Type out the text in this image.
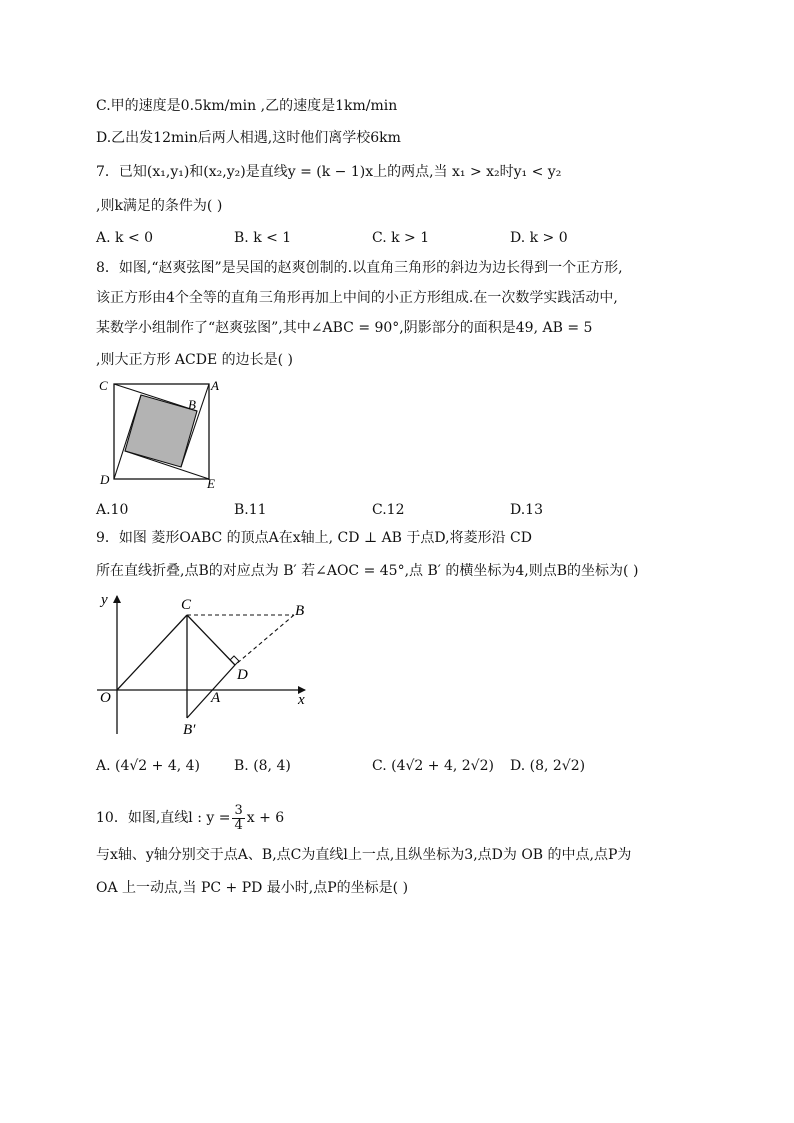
C.甲的速度是0.5km/min ,乙的速度是1km/min
D.乙出发12min后两人相遇,这时他们离学校6km
7．已知(x₁,y₁)和(x₂,y₂)是直线y = (k − 1)x上的两点,当 x₁ > x₂时y₁ < y₂
,则k满足的条件为( )
A. k < 0	B. k < 1	C. k > 1	D. k > 0
8．如图,“赵爽弦图”是吴国的赵爽创制的.以直角三角形的斜边为边长得到一个正方形,
该正方形由4个全等的直角三角形再加上中间的小正方形组成.在一次数学实践活动中,
某数学小组制作了“赵爽弦图”,其中∠ABC = 90°,阴影部分的面积是49, AB = 5
,则大正方形 ACDE 的边长是( )
C	A
B
D	E
A.10	B.11	C.12	D.13
9．如图 菱形OABC 的顶点A在x轴上, CD ⊥ AB 于点D,将菱形沿 CD
所在直线折叠,点B的对应点为 B′ 若∠AOC = 45°,点 B′ 的横坐标为4,则点B的坐标为( )
y
x
C	B
D
O	A
B′
A. (4√2 + 4, 4) B. (8, 4)	C. (4√2 + 4, 2√2) D. (8, 2√2)
10．如图,直线l : $y = \frac{3}{4}$ x + 6
与x轴、y轴分别交于点A、B,点C为直线l上一点,且纵坐标为3,点D为 OB 的中点,点P为
OA 上一动点,当 PC + PD 最小时,点P的坐标是( )
